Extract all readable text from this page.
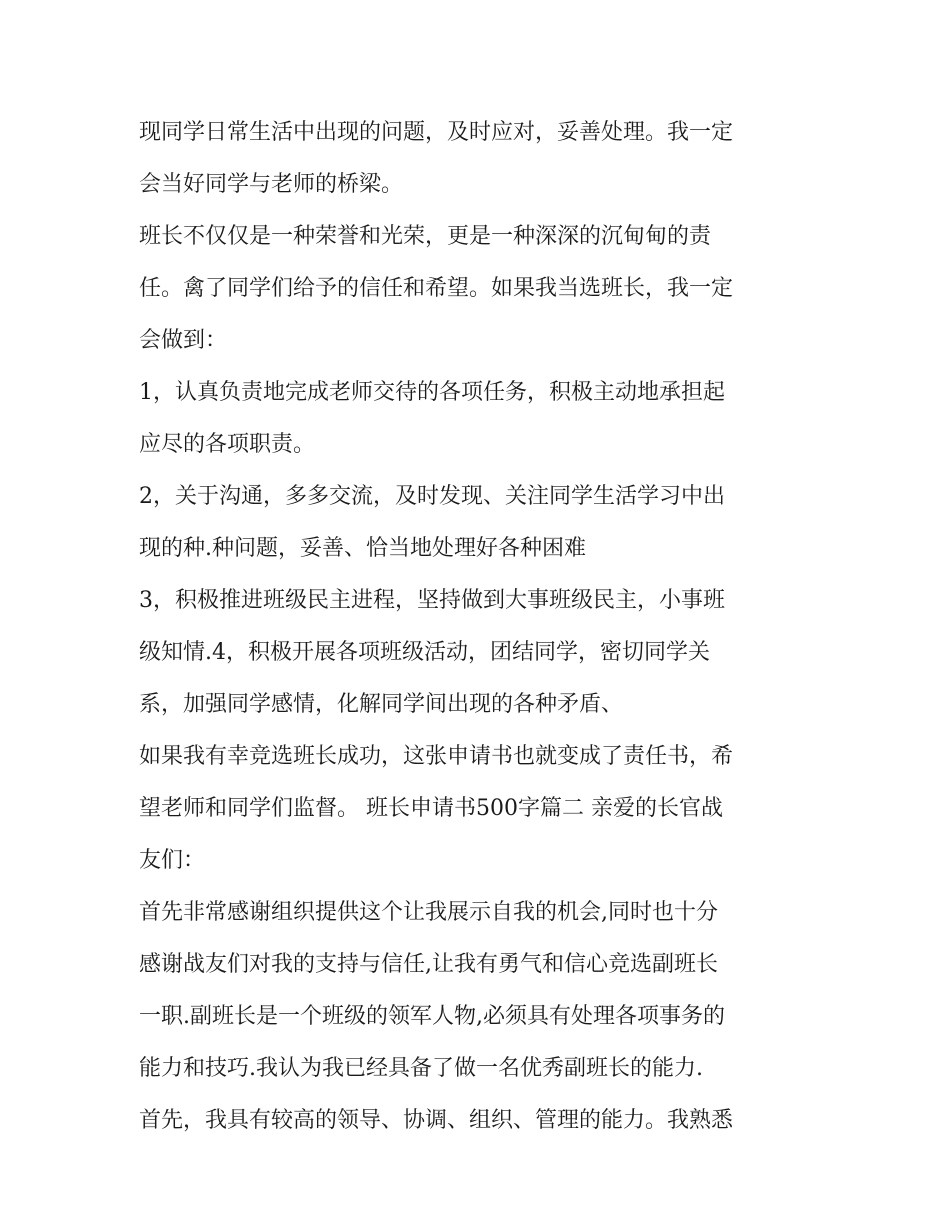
现同学日常生活中出现的问题，及时应对，妥善处理。我一定
会当好同学与老师的桥梁。
班长不仅仅是一种荣誉和光荣，更是一种深深的沉甸甸的责
任。禽了同学们给予的信任和希望。如果我当选班长，我一定
会做到：
1，认真负责地完成老师交待的各项任务，积极主动地承担起
应尽的各项职责。
2，关于沟通，多多交流，及时发现、关注同学生活学习中出
现的种.种问题，妥善、恰当地处理好各种困难
3，积极推进班级民主进程，坚持做到大事班级民主，小事班
级知情.4，积极开展各项班级活动，团结同学，密切同学关
系，加强同学感情，化解同学间出现的各种矛盾、
如果我有幸竞选班长成功，这张申请书也就变成了责任书，希
望老师和同学们监督。 班长申请书500字篇二 亲爱的长官战
友们：
首先非常感谢组织提供这个让我展示自我的机会,同时也十分
感谢战友们对我的支持与信任,让我有勇气和信心竞选副班长
一职.副班长是一个班级的领军人物,必须具有处理各项事务的
能力和技巧.我认为我已经具备了做一名优秀副班长的能力.
首先，我具有较高的领导、协调、组织、管理的能力。我熟悉
